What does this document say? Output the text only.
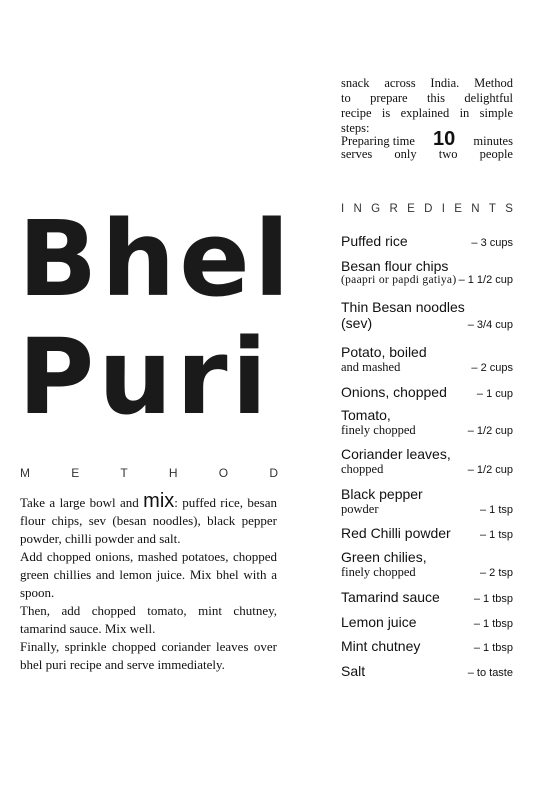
snack across India. Method
to prepare this delightful
recipe is explained in simple steps:
Preparing time 10 minutes
serves only two people
Bhel
Puri
M	E	T	H	O	D

Take a large bowl and mix: puffed rice, besan flour chips, sev (besan noodles), black pepper powder, chilli powder and salt.

Add chopped onions, mashed potatoes, chopped green chillies and lemon juice. Mix bhel with a spoon.

Then, add chopped tomato, mint chutney, tamarind sauce. Mix well.

Finally, sprinkle chopped coriander leaves over bhel puri recipe and serve immediately.

I N G R E D I E N T S
Puffed rice	– 3 cups
Besan flour chips
(paapri or papdi gatiya) – 1 1/2 cup
Thin Besan noodles
(sev)	– 3/4 cup
Potato, boiled
and mashed	– 2 cups
Onions, chopped	– 1 cup
Tomato,
finely chopped	– 1/2 cup
Coriander leaves,
chopped	– 1/2 cup
Black pepper
powder	– 1 tsp
Red Chilli powder	– 1 tsp
Green chilies,
finely chopped	– 2 tsp
Tamarind sauce	– 1 tbsp
Lemon juice	– 1 tbsp
Mint chutney	– 1 tbsp
Salt	– to taste
